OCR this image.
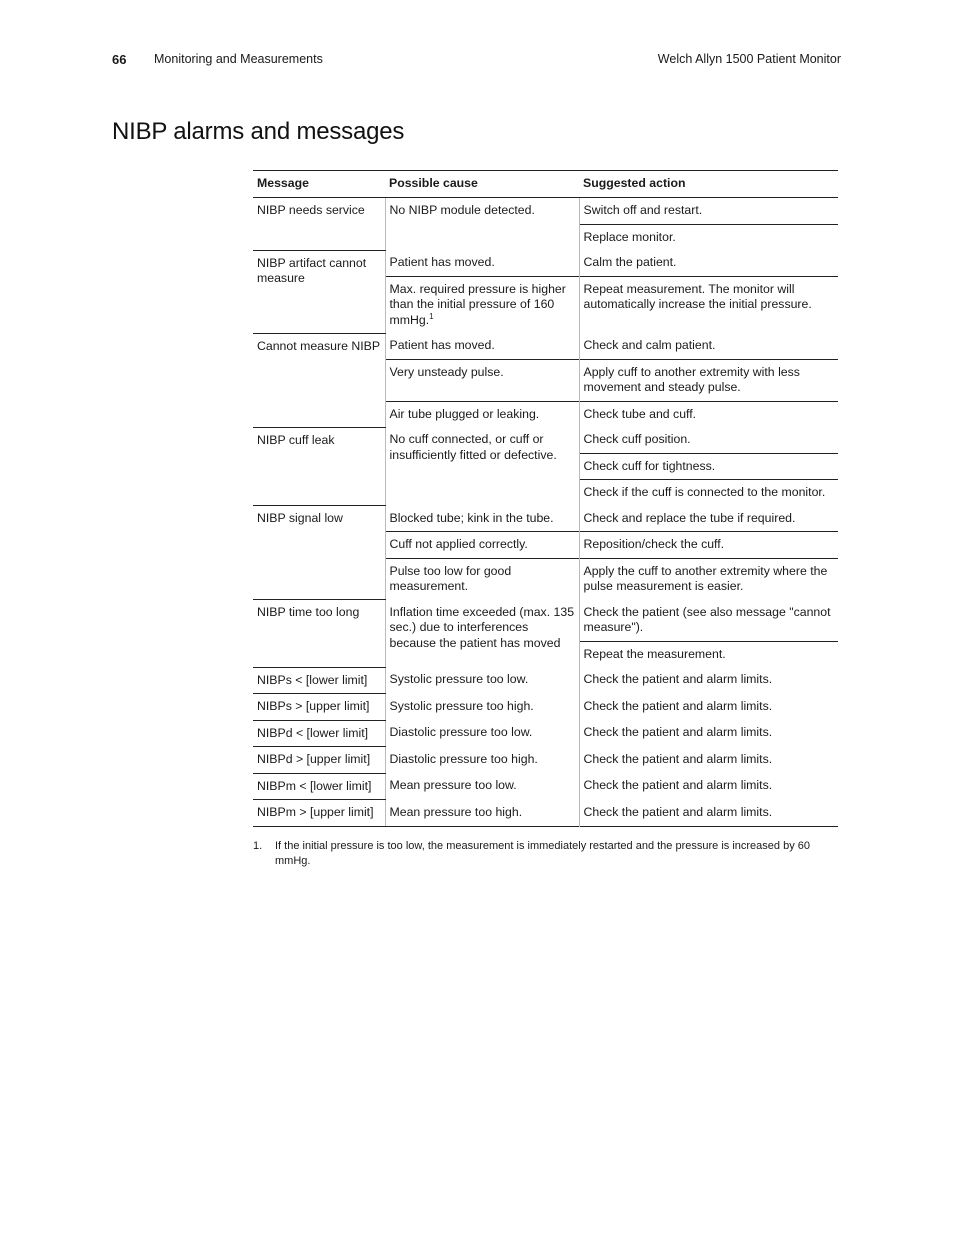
66 Monitoring and Measurements	Welch Allyn 1500 Patient Monitor
NIBP alarms and messages
Message	Possible cause	Suggested action
NIBP needs service	No NIBP module detected.	Switch off and restart.
		Replace monitor.
NIBP artifact cannot measure	Patient has moved.	Calm the patient.
	Max. required pressure is higher than the initial pressure of 160 mmHg.$^1$	Repeat measurement. The monitor will automatically increase the initial pressure.
Cannot measure NIBP	Patient has moved.	Check and calm patient.
	Very unsteady pulse.	Apply cuff to another extremity with less movement and steady pulse.
	Air tube plugged or leaking.	Check tube and cuff.
NIBP cuff leak	No cuff connected, or cuff or insufficiently fitted or defective.	Check cuff position.
		Check cuff for tightness.
		Check if the cuff is connected to the monitor.
NIBP signal low	Blocked tube; kink in the tube.	Check and replace the tube if required.
	Cuff not applied correctly.	Reposition/check the cuff.
	Pulse too low for good measurement.	Apply the cuff to another extremity where the pulse measurement is easier.
NIBP time too long	Inflation time exceeded (max. 135 sec.) due to interferences because the patient has moved	Check the patient (see also message "cannot measure").
		Repeat the measurement.
NIBPs < [lower limit]	Systolic pressure too low.	Check the patient and alarm limits.
NIBPs > [upper limit]	Systolic pressure too high.	Check the patient and alarm limits.
NIBPd < [lower limit]	Diastolic pressure too low.	Check the patient and alarm limits.
NIBPd > [upper limit]	Diastolic pressure too high.	Check the patient and alarm limits.
NIBPm < [lower limit]	Mean pressure too low.	Check the patient and alarm limits.
NIBPm > [upper limit]	Mean pressure too high.	Check the patient and alarm limits.
1. If the initial pressure is too low, the measurement is immediately restarted and the pressure is increased by 60 mmHg.
